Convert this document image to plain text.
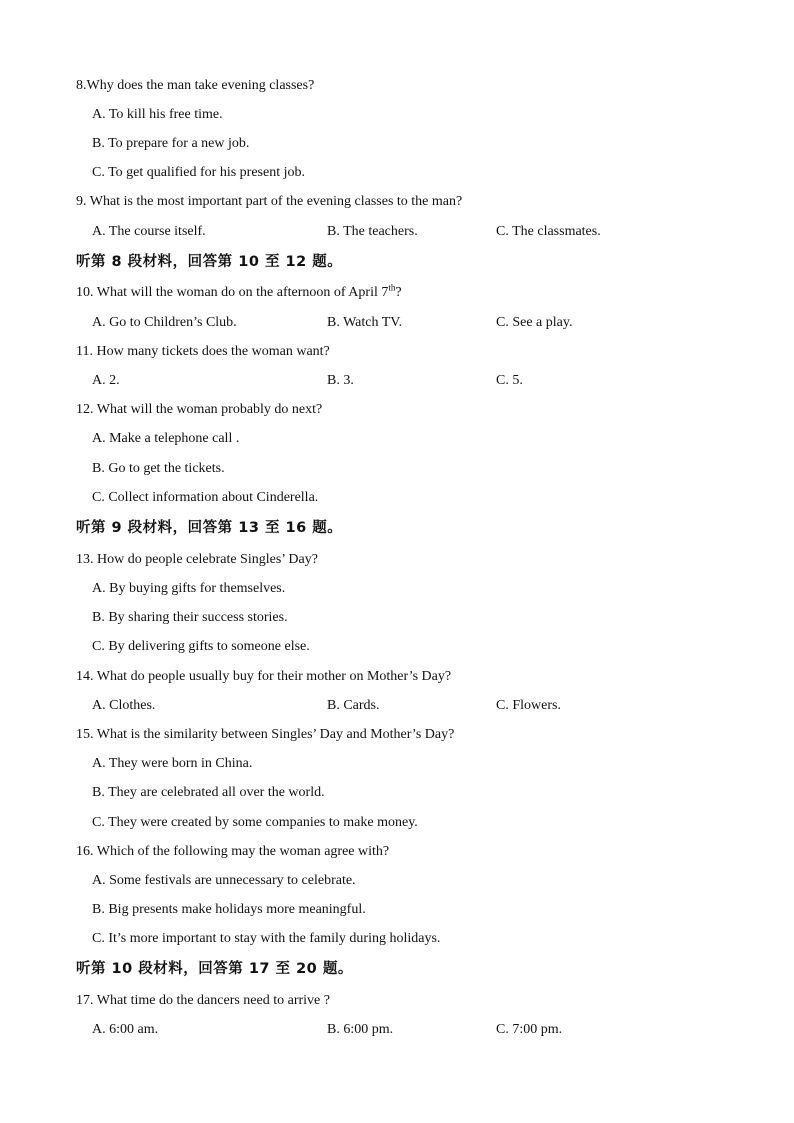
8.Why does the man take evening classes?
A. To kill his free time.
B. To prepare for a new job.
C. To get qualified for his present job.
9. What is the most important part of the evening classes to the man?
A. The course itself.	B. The teachers.	C. The classmates.
听第 8 段材料，回答第 10 至 12 题。
10. What will the woman do on the afternoon of April 7th?
A. Go to Children’s Club.	B. Watch TV.	C. See a play.
11. How many tickets does the woman want?
A. 2.	B. 3.	C. 5.
12. What will the woman probably do next?
A. Make a telephone call .
B. Go to get the tickets.
C. Collect information about Cinderella.
听第 9 段材料，回答第 13 至 16 题。
13. How do people celebrate Singles’ Day?
A. By buying gifts for themselves.
B. By sharing their success stories.
C. By delivering gifts to someone else.
14. What do people usually buy for their mother on Mother’s Day?
A. Clothes.	B. Cards.	C. Flowers.
15. What is the similarity between Singles’ Day and Mother’s Day?
A. They were born in China.
B. They are celebrated all over the world.
C. They were created by some companies to make money.
16. Which of the following may the woman agree with?
A. Some festivals are unnecessary to celebrate.
B. Big presents make holidays more meaningful.
C. It’s more important to stay with the family during holidays.
听第 10 段材料，回答第 17 至 20 题。
17. What time do the dancers need to arrive ?
A. 6:00 am.	B. 6:00 pm.	C. 7:00 pm.
